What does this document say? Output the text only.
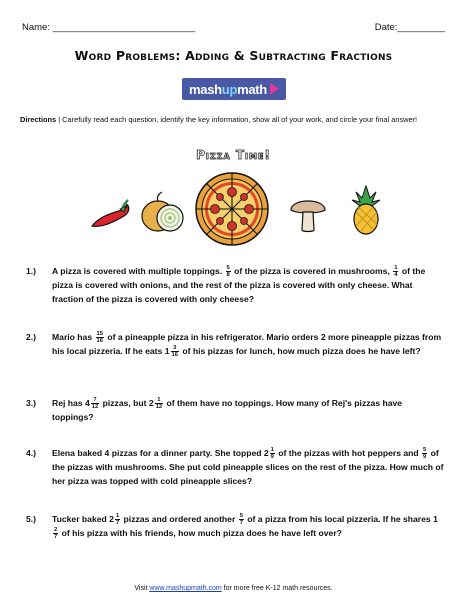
Name: ___________________________	Date:_________
Word Problems: Adding & Subtracting Fractions
mashupmath
Directions | Carefully read each question, identify the key information, show all of your work, and circle your final answer!
Pizza Time!
1.) A pizza is covered with multiple toppings. $\frac{5}{8}$ of the pizza is covered in mushrooms, $\frac{1}{4}$ of the pizza is covered with onions, and the rest of the pizza is covered with only cheese. What fraction of the pizza is covered with only cheese?
2.) Mario has $\frac{15}{16}$ of a pineapple pizza in his refrigerator. Mario orders 2 more pineapple pizzas from his local pizzeria. If he eats $1 \frac{3}{16}$ of his pizzas for lunch, how much pizza does he have left?
3.) Rej has $4 \frac{7}{12}$ pizzas, but $2 \frac{1}{12}$ of them have no toppings. How many of Rej's pizzas have toppings?
4.) Elena baked 4 pizzas for a dinner party. She topped $2 \frac{1}{9}$ of the pizzas with hot peppers and $\frac{5}{9}$ of the pizzas with mushrooms. She put cold pineapple slices on the rest of the pizza. How much of her pizza was topped with cold pineapple slices?
5.) Tucker baked $2 \frac{1}{7}$ pizzas and ordered another $\frac{5}{7}$ of a pizza from his local pizzeria. If he shares 1
$\frac{2}{7}$ of his pizza with his friends, how much pizza does he have left over?
Visit www.mashupmath.com for more free K-12 math resources.
